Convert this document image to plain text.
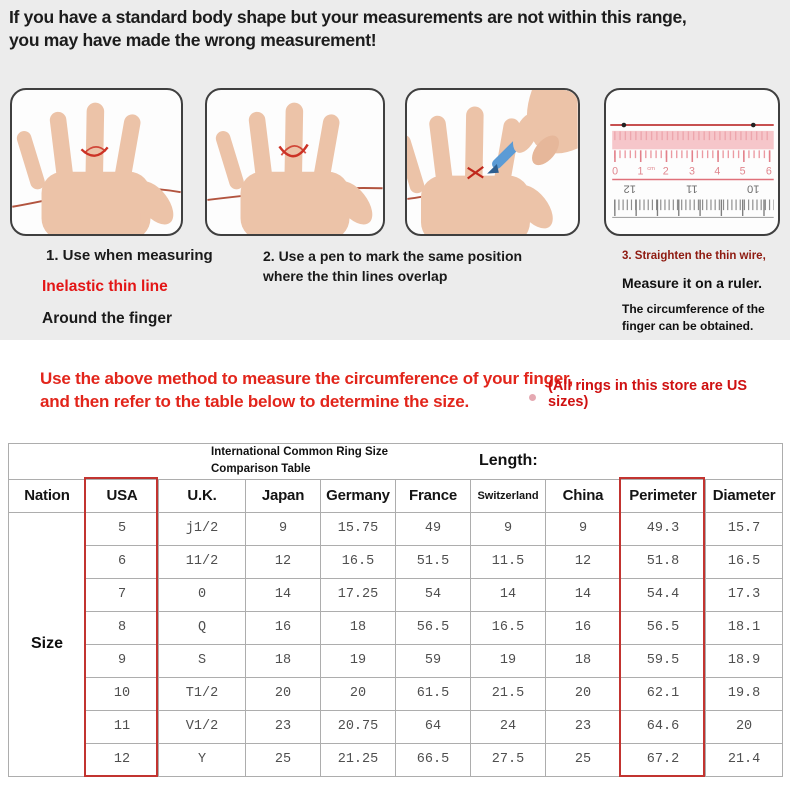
If you have a standard body shape but your measurements are not within this range,
you may have made the wrong measurement!
0 1 2 3 4 5 6
cm
12	11	10
1. Use when measuring
Inelastic thin line
Around the finger
2. Use a pen to mark the same position where the thin lines overlap
3. Straighten the thin wire,
Measure it on a ruler.
The circumference of the finger can be obtained.
Use the above method to measure the circumference of your finger,
and then refer to the table below to determine the size.
(All rings in this store are US sizes)
International Common Ring Size Comparison Table Length:									

Nation	USA	U.K.	Japan	Germany	France	Switzerland	China	Perimeter	Diameter
Size	5	j1/2	9	15.75	49	9	9	49.3	15.7
	6	11/2	12	16.5	51.5	11.5	12	51.8	16.5
	7	0	14	17.25	54	14	14	54.4	17.3
	8	Q	16	18	56.5	16.5	16	56.5	18.1
	9	S	18	19	59	19	18	59.5	18.9
	10	T1/2	20	20	61.5	21.5	20	62.1	19.8
	11	V1/2	23	20.75	64	24	23	64.6	20
	12	Y	25	21.25	66.5	27.5	25	67.2	21.4
